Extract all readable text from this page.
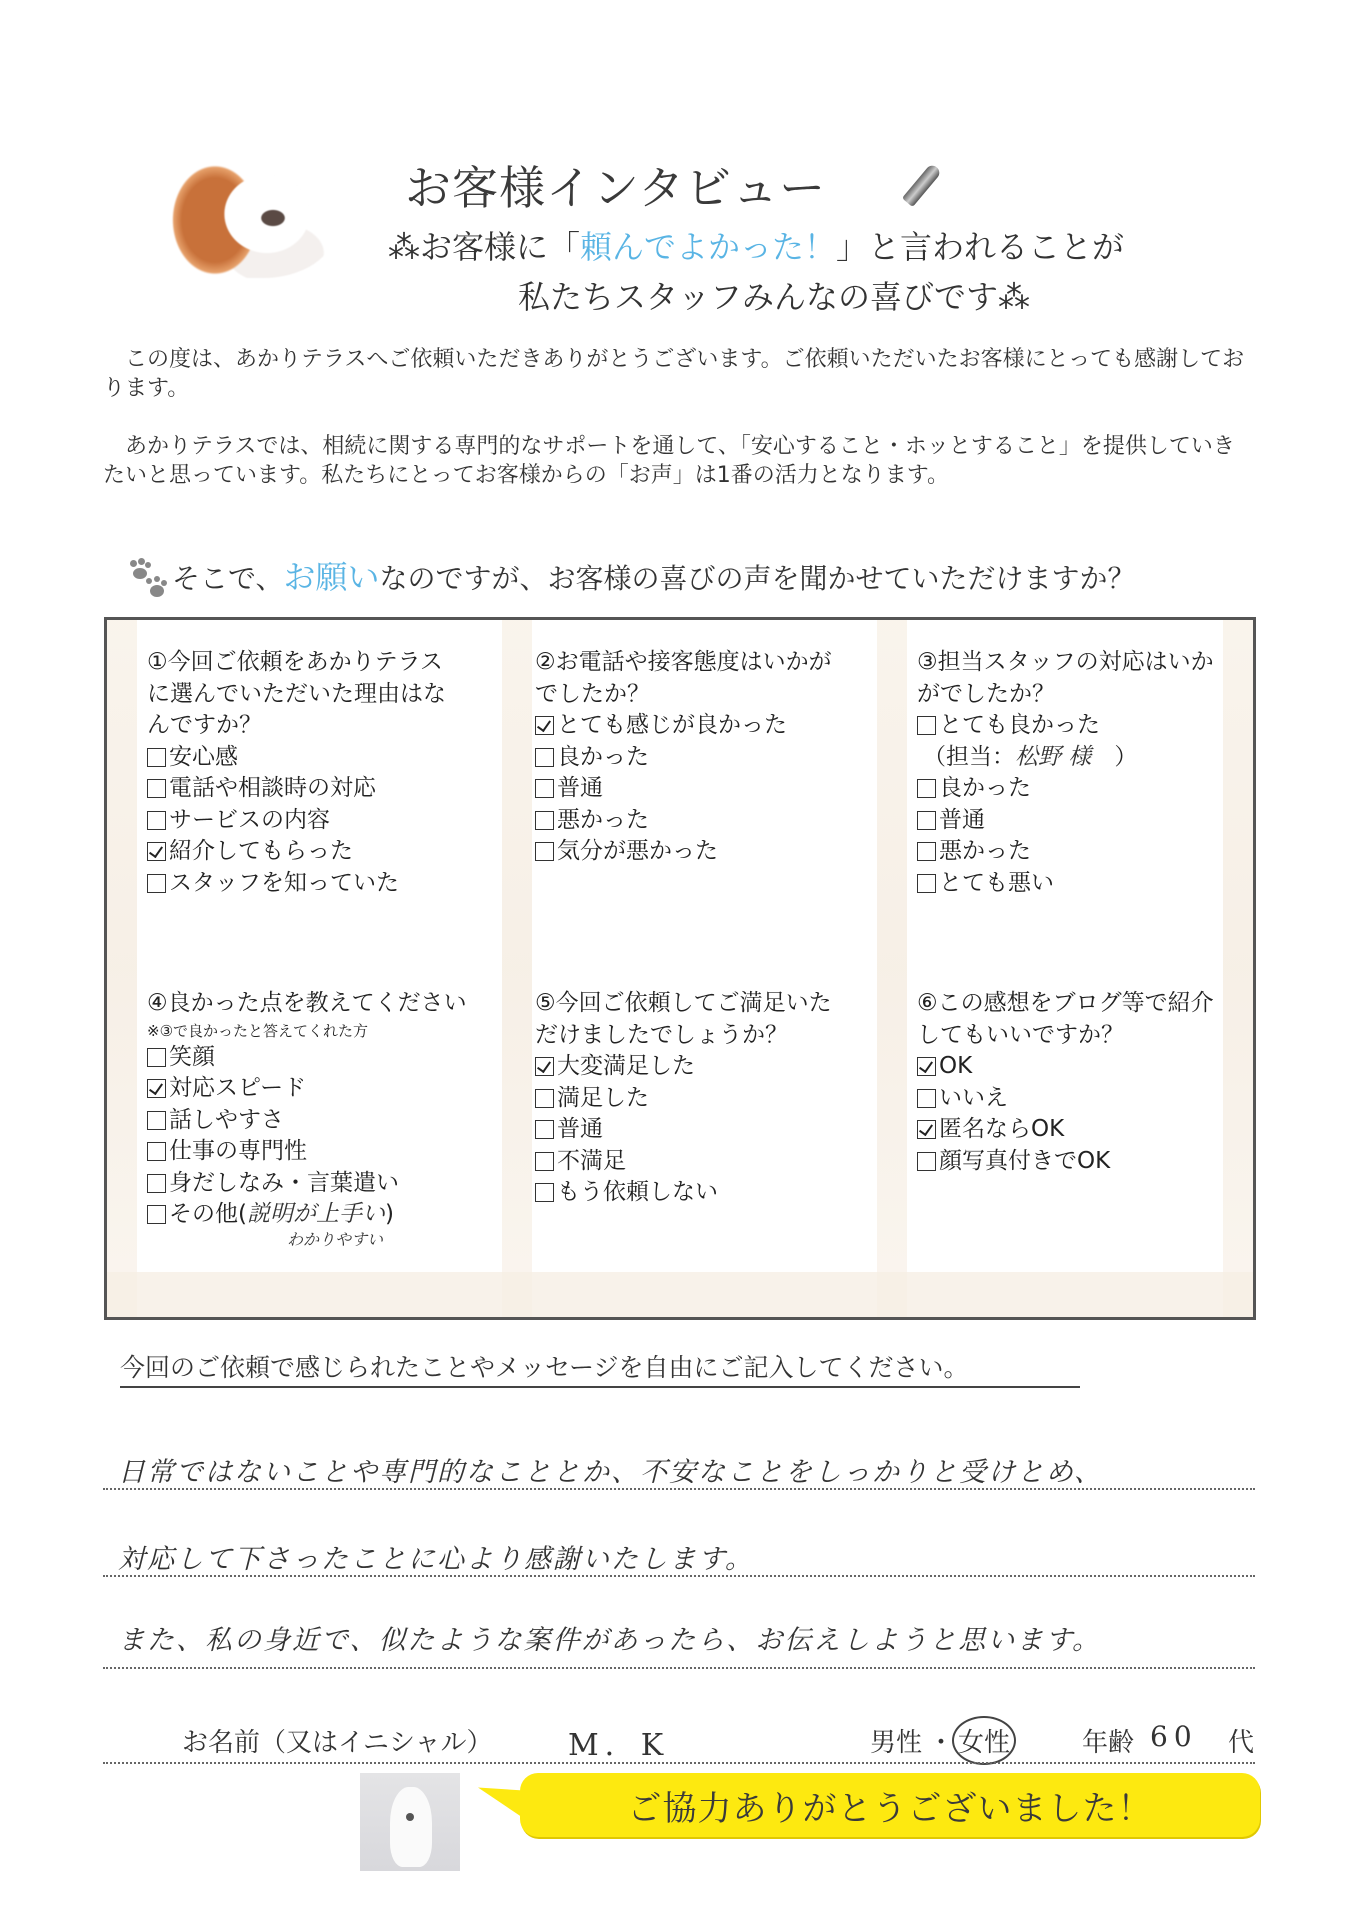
お客様インタビュー
⁂お客様に「頼んでよかった！」と言われることが
私たちスタッフみんなの喜びです⁂
　この度は、あかりテラスへご依頼いただきありがとうございます。ご依頼いただいたお客様にとっても感謝しております。
　あかりテラスでは、相続に関する専門的なサポートを通して、「安心すること・ホッとすること」を提供していきたいと思っています。私たちにとってお客様からの「お声」は1番の活力となります。
そこで、お願いなのですが、お客様の喜びの声を聞かせていただけますか？
①今回ご依頼をあかりテラスに選んでいただいた理由はなんですか？
安心感
電話や相談時の対応
サービスの内容
紹介してもらった
スタッフを知っていた
②お電話や接客態度はいかがでしたか？
とても感じが良かった
良かった
普通
悪かった
気分が悪かった
③担当スタッフの対応はいかがでしたか？
とても良かった
（担当： 松野 様 　）
良かった
普通
悪かった
とても悪い
④良かった点を教えてください
※③で良かったと答えてくれた方
笑顔
対応スピード
話しやすさ
仕事の専門性
身だしなみ・言葉遣い
その他( 説明が上手い )
わかりやすい
⑤今回ご依頼してご満足いただけましたでしょうか？
大変満足した
満足した
普通
不満足
もう依頼しない
⑥この感想をブログ等で紹介してもいいですか？
OK
いいえ
匿名ならOK
顔写真付きでOK
今回のご依頼で感じられたことやメッセージを自由にご記入してください。
日常ではないことや専門的なこととか、不安なことをしっかりと受けとめ、
対応して下さったことに心より感謝いたします。
また、私の身近で、似たような案件があったら、お伝えしようと思います。
お名前（又はイニシャル）	M．K	男性 ・ 女性	年齢 60 代
ご協力ありがとうございました！
